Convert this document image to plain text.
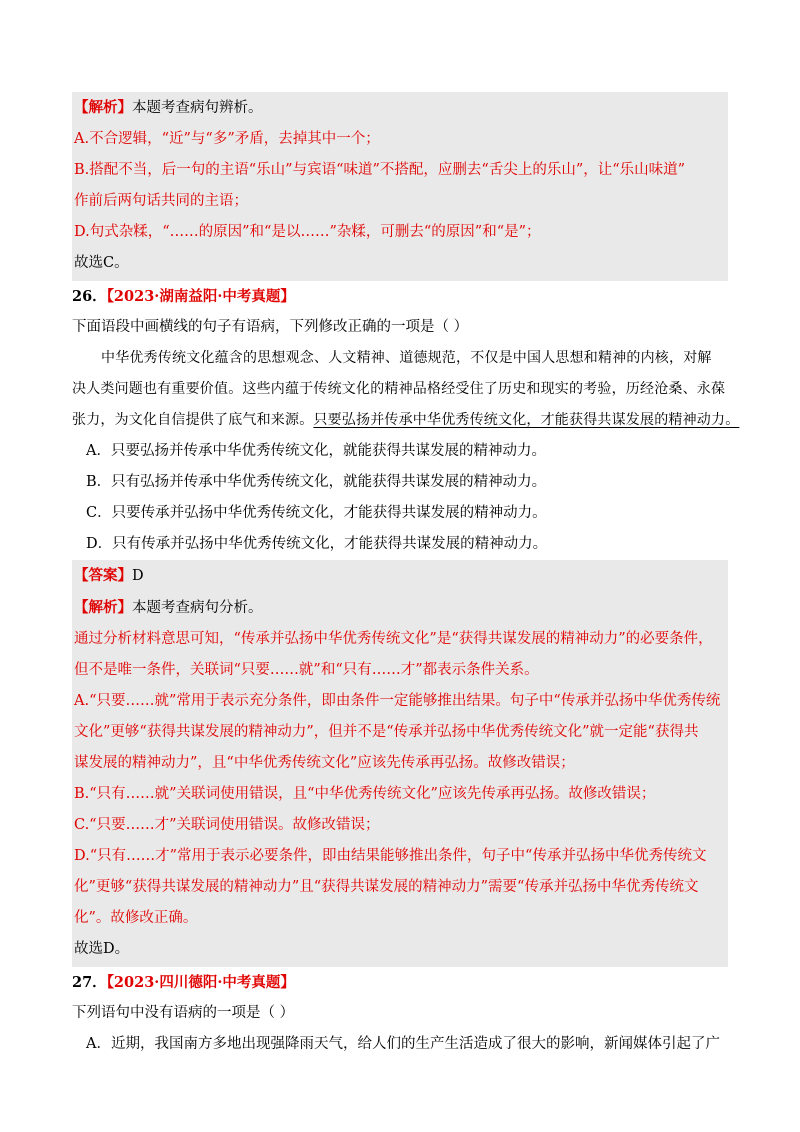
【解析】本题考查病句辨析。
A.不合逻辑，“近”与“多”矛盾，去掉其中一个；
B.搭配不当，后一句的主语“乐山”与宾语“味道”不搭配，应删去“舌尖上的乐山”，让“乐山味道”
作前后两句话共同的主语；
D.句式杂糅，“……的原因”和“是以……”杂糅，可删去“的原因”和“是”；
故选C。
26．【2023·湖南益阳·中考真题】
下面语段中画横线的句子有语病，下列修改正确的一项是（ ）
中华优秀传统文化蕴含的思想观念、人文精神、道德规范，不仅是中国人思想和精神的内核，对解
决人类问题也有重要价值。这些内蕴于传统文化的精神品格经受住了历史和现实的考验，历经沧桑、永葆
张力，为文化自信提供了底气和来源。只要弘扬并传承中华优秀传统文化，才能获得共谋发展的精神动力。
A．只要弘扬并传承中华优秀传统文化，就能获得共谋发展的精神动力。
B．只有弘扬并传承中华优秀传统文化，就能获得共谋发展的精神动力。
C．只要传承并弘扬中华优秀传统文化，才能获得共谋发展的精神动力。
D．只有传承并弘扬中华优秀传统文化，才能获得共谋发展的精神动力。
【答案】D
【解析】本题考查病句分析。
通过分析材料意思可知，“传承并弘扬中华优秀传统文化”是“获得共谋发展的精神动力”的必要条件，
但不是唯一条件，关联词“只要……就”和“只有……才”都表示条件关系。
A.“只要……就”常用于表示充分条件，即由条件一定能够推出结果。句子中“传承并弘扬中华优秀传统
文化”更够“获得共谋发展的精神动力”，但并不是“传承并弘扬中华优秀传统文化”就一定能“获得共
谋发展的精神动力”，且“中华优秀传统文化”应该先传承再弘扬。故修改错误；
B.“只有……就”关联词使用错误，且“中华优秀传统文化”应该先传承再弘扬。故修改错误；
C.“只要……才”关联词使用错误。故修改错误；
D.“只有……才”常用于表示必要条件，即由结果能够推出条件，句子中“传承并弘扬中华优秀传统文
化”更够“获得共谋发展的精神动力”且“获得共谋发展的精神动力”需要“传承并弘扬中华优秀传统文
化”。故修改正确。
故选D。
27．【2023·四川德阳·中考真题】
下列语句中没有语病的一项是（ ）
A．近期，我国南方多地出现强降雨天气，给人们的生产生活造成了很大的影响，新闻媒体引起了广
